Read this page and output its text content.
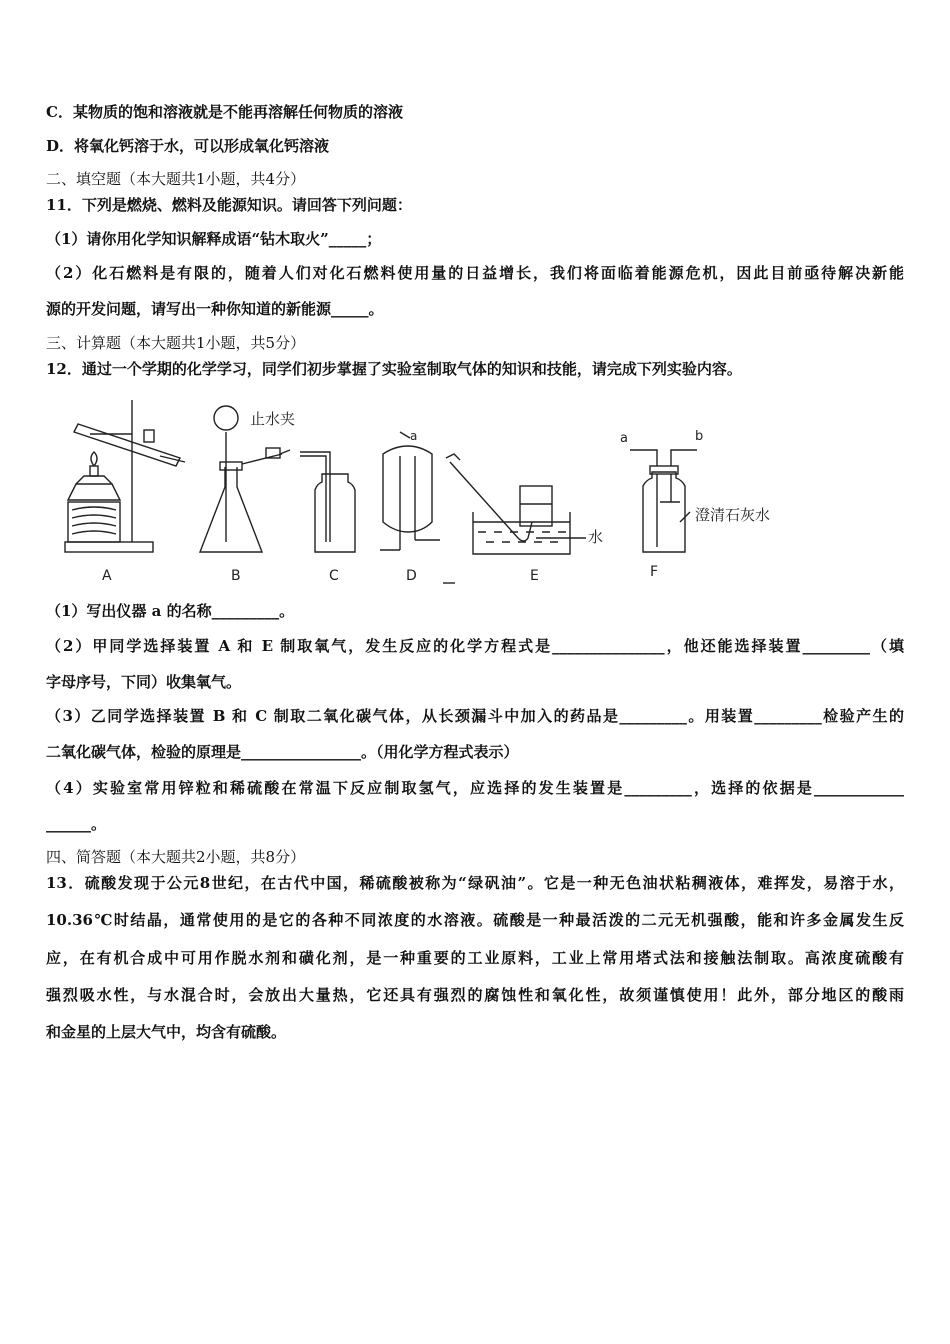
C．某物质的饱和溶液就是不能再溶解任何物质的溶液
D．将氧化钙溶于水，可以形成氧化钙溶液
二、填空题（本大题共1小题，共4分）
11．下列是燃烧、燃料及能源知识。请回答下列问题：
（1）请你用化学知识解释成语“钻木取火”_____；
（2）化石燃料是有限的，随着人们对化石燃料使用量的日益增长，我们将面临着能源危机，因此目前亟待解决新能
源的开发问题，请写出一种你知道的新能源_____。
三、计算题（本大题共1小题，共5分）
12．通过一个学期的化学学习，同学们初步掌握了实验室制取气体的知识和技能，请完成下列实验内容。
A	B	C	D	E	F
止水夹
a	a	b
水
澄清石灰水
（1）写出仪器 a 的名称_________。
（2）甲同学选择装置 A 和 E 制取氧气，发生反应的化学方程式是_______________，他还能选择装置_________（填
字母序号，下同）收集氧气。
（3）乙同学选择装置 B 和 C 制取二氧化碳气体，从长颈漏斗中加入的药品是_________。用装置_________检验产生的
二氧化碳气体，检验的原理是________________。（用化学方程式表示）
（4）实验室常用锌粒和稀硫酸在常温下反应制取氢气，应选择的发生装置是_________，选择的依据是____________
______。
四、简答题（本大题共2小题，共8分）
13．硫酸发现于公元8世纪，在古代中国，稀硫酸被称为“绿矾油”。它是一种无色油状粘稠液体，难挥发，易溶于水，
10.36℃时结晶，通常使用的是它的各种不同浓度的水溶液。硫酸是一种最活泼的二元无机强酸，能和许多金属发生反
应，在有机合成中可用作脱水剂和磺化剂，是一种重要的工业原料，工业上常用塔式法和接触法制取。高浓度硫酸有
强烈吸水性，与水混合时，会放出大量热，它还具有强烈的腐蚀性和氧化性，故须谨慎使用！此外，部分地区的酸雨
和金星的上层大气中，均含有硫酸。
